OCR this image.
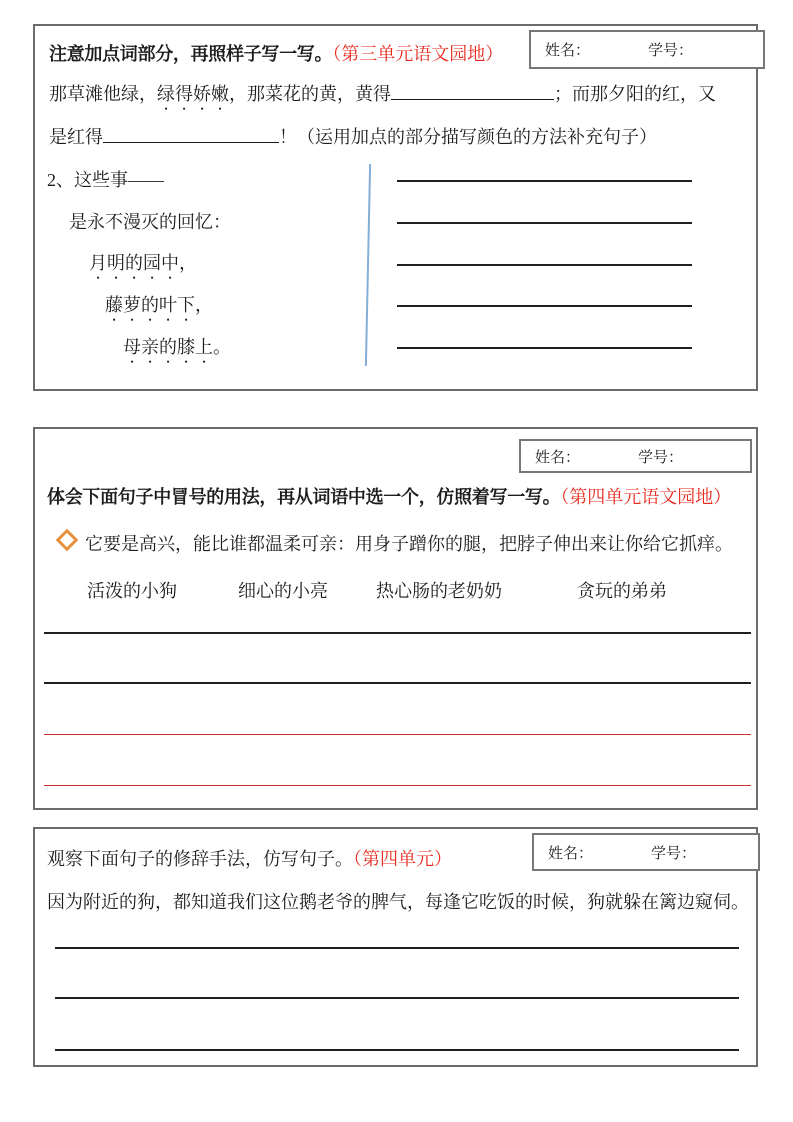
姓名：	学号：
注意加点词部分，再照样子写一写。（第三单元语文园地）

那草滩他绿，绿得娇嫩，那菜花的黄，黄得	；而那夕阳的红，又

是红得	！（运用加点的部分描写颜色的方法补充句子）

2、这些事——

是永不漫灭的回忆：

月明的园中，

藤萝的叶下，

母亲的膝上。

姓名：	学号：
体会下面句子中冒号的用法，再从词语中选一个，仿照着写一写。（第四单元语文园地）

它要是高兴，能比谁都温柔可亲：用身子蹭你的腿，把脖子伸出来让你给它抓痒。

活泼的小狗	细心的小亮	热心肠的老奶奶	贪玩的弟弟
姓名：	学号：
观察下面句子的修辞手法，仿写句子。（第四单元）

因为附近的狗，都知道我们这位鹅老爷的脾气，每逢它吃饭的时候，狗就躲在篱边窥伺。
